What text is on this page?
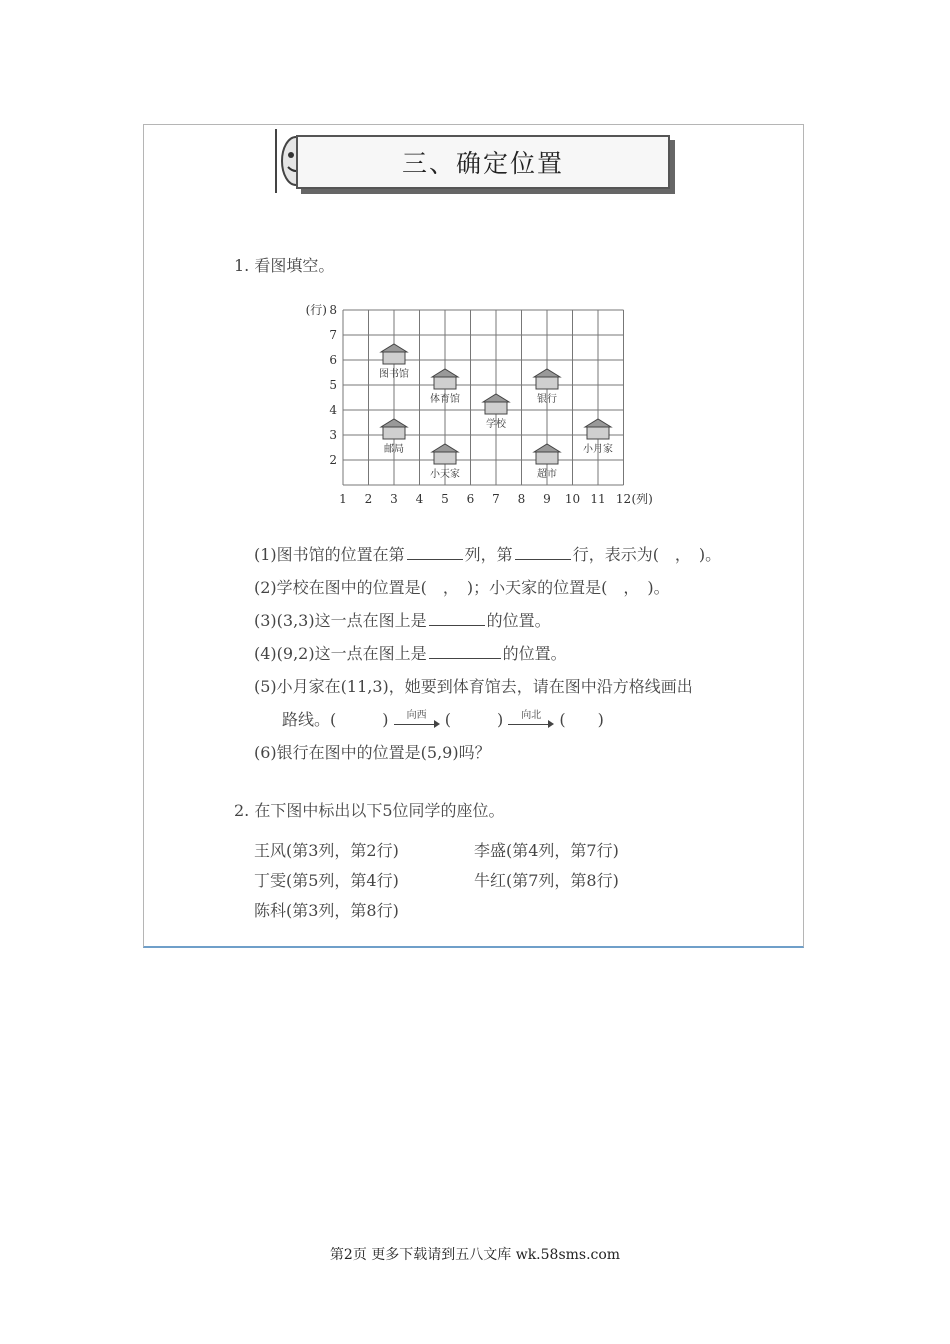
三、确定位置
1. 看图填空。
1 2 3 4 5 6 7 8 9 10 11 12 (列)
2
3
4
5
6
7
8
(行)
图书馆
体育馆
学校
银行
邮局
小天家	超市
小月家
(1)图书馆的位置在第	列，第	行，表示为(　，　)。
(2)学校在图中的位置是(　，　)；小天家的位置是(　，　)。
(3)(3,3)这一点在图上是	的位置。
(4)(9,2)这一点在图上是	的位置。
(5)小月家在(11,3)，她要到体育馆去，请在图中沿方格线画出
路线。(	)	向西	(	)	向北	(　　)
(6)银行在图中的位置是(5,9)吗？
2. 在下图中标出以下5位同学的座位。
王风(第3列，第2行)	李盛(第4列，第7行)
丁雯(第5列，第4行)	牛红(第7列，第8行)
陈科(第3列，第8行)
第2页 更多下载请到五八文库 wk.58sms.com
